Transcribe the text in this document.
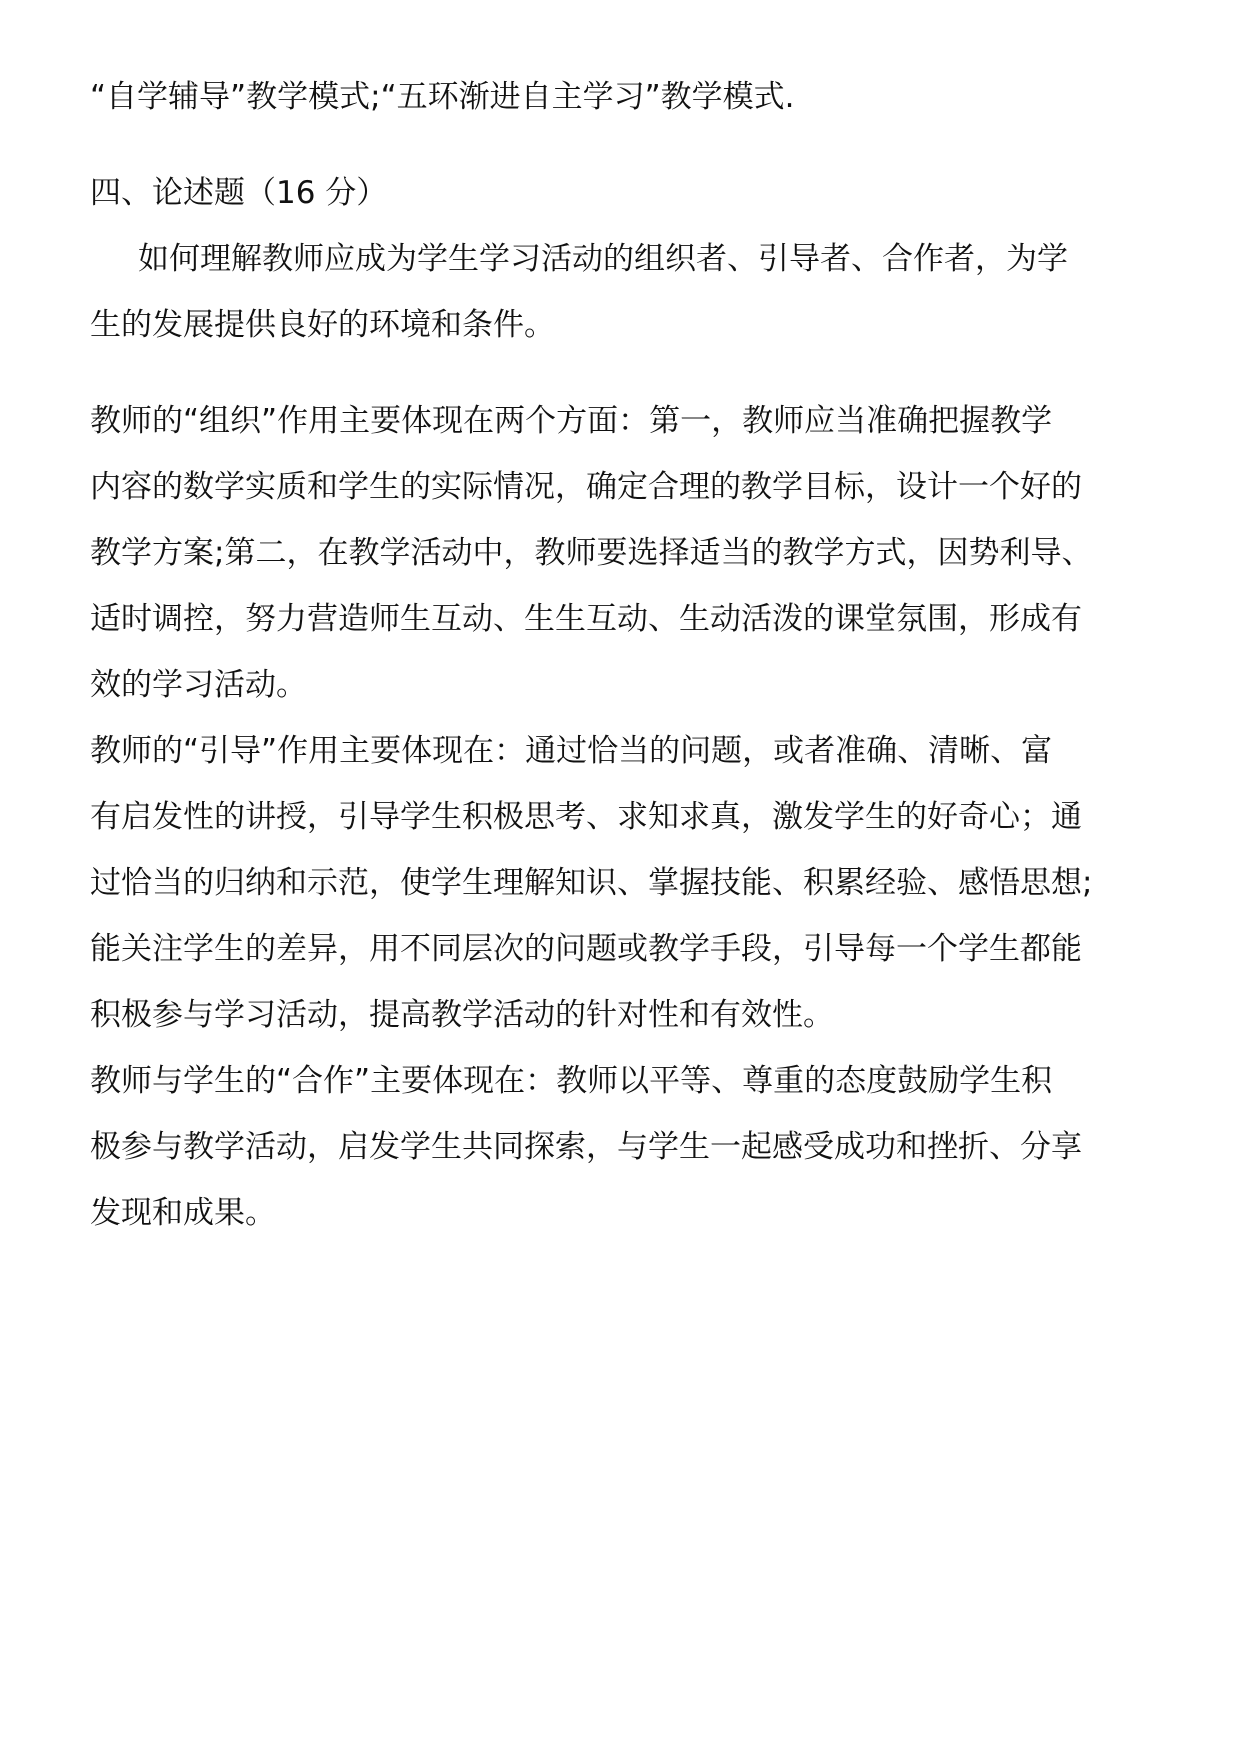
“自学辅导”教学模式;“五环渐进自主学习”教学模式.
四、论述题（16 分）
如何理解教师应成为学生学习活动的组织者、引导者、合作者，为学
生的发展提供良好的环境和条件。
教师的“组织”作用主要体现在两个方面：第一，教师应当准确把握教学
内容的数学实质和学生的实际情况，确定合理的教学目标，设计一个好的
教学方案;第二，在教学活动中，教师要选择适当的教学方式，因势利导、
适时调控，努力营造师生互动、生生互动、生动活泼的课堂氛围，形成有
效的学习活动。
教师的“引导”作用主要体现在：通过恰当的问题，或者准确、清晰、富
有启发性的讲授，引导学生积极思考、求知求真，激发学生的好奇心；通
过恰当的归纳和示范，使学生理解知识、掌握技能、积累经验、感悟思想;
能关注学生的差异，用不同层次的问题或教学手段，引导每一个学生都能
积极参与学习活动，提高教学活动的针对性和有效性。
教师与学生的“合作”主要体现在：教师以平等、尊重的态度鼓励学生积
极参与教学活动，启发学生共同探索，与学生一起感受成功和挫折、分享
发现和成果。
